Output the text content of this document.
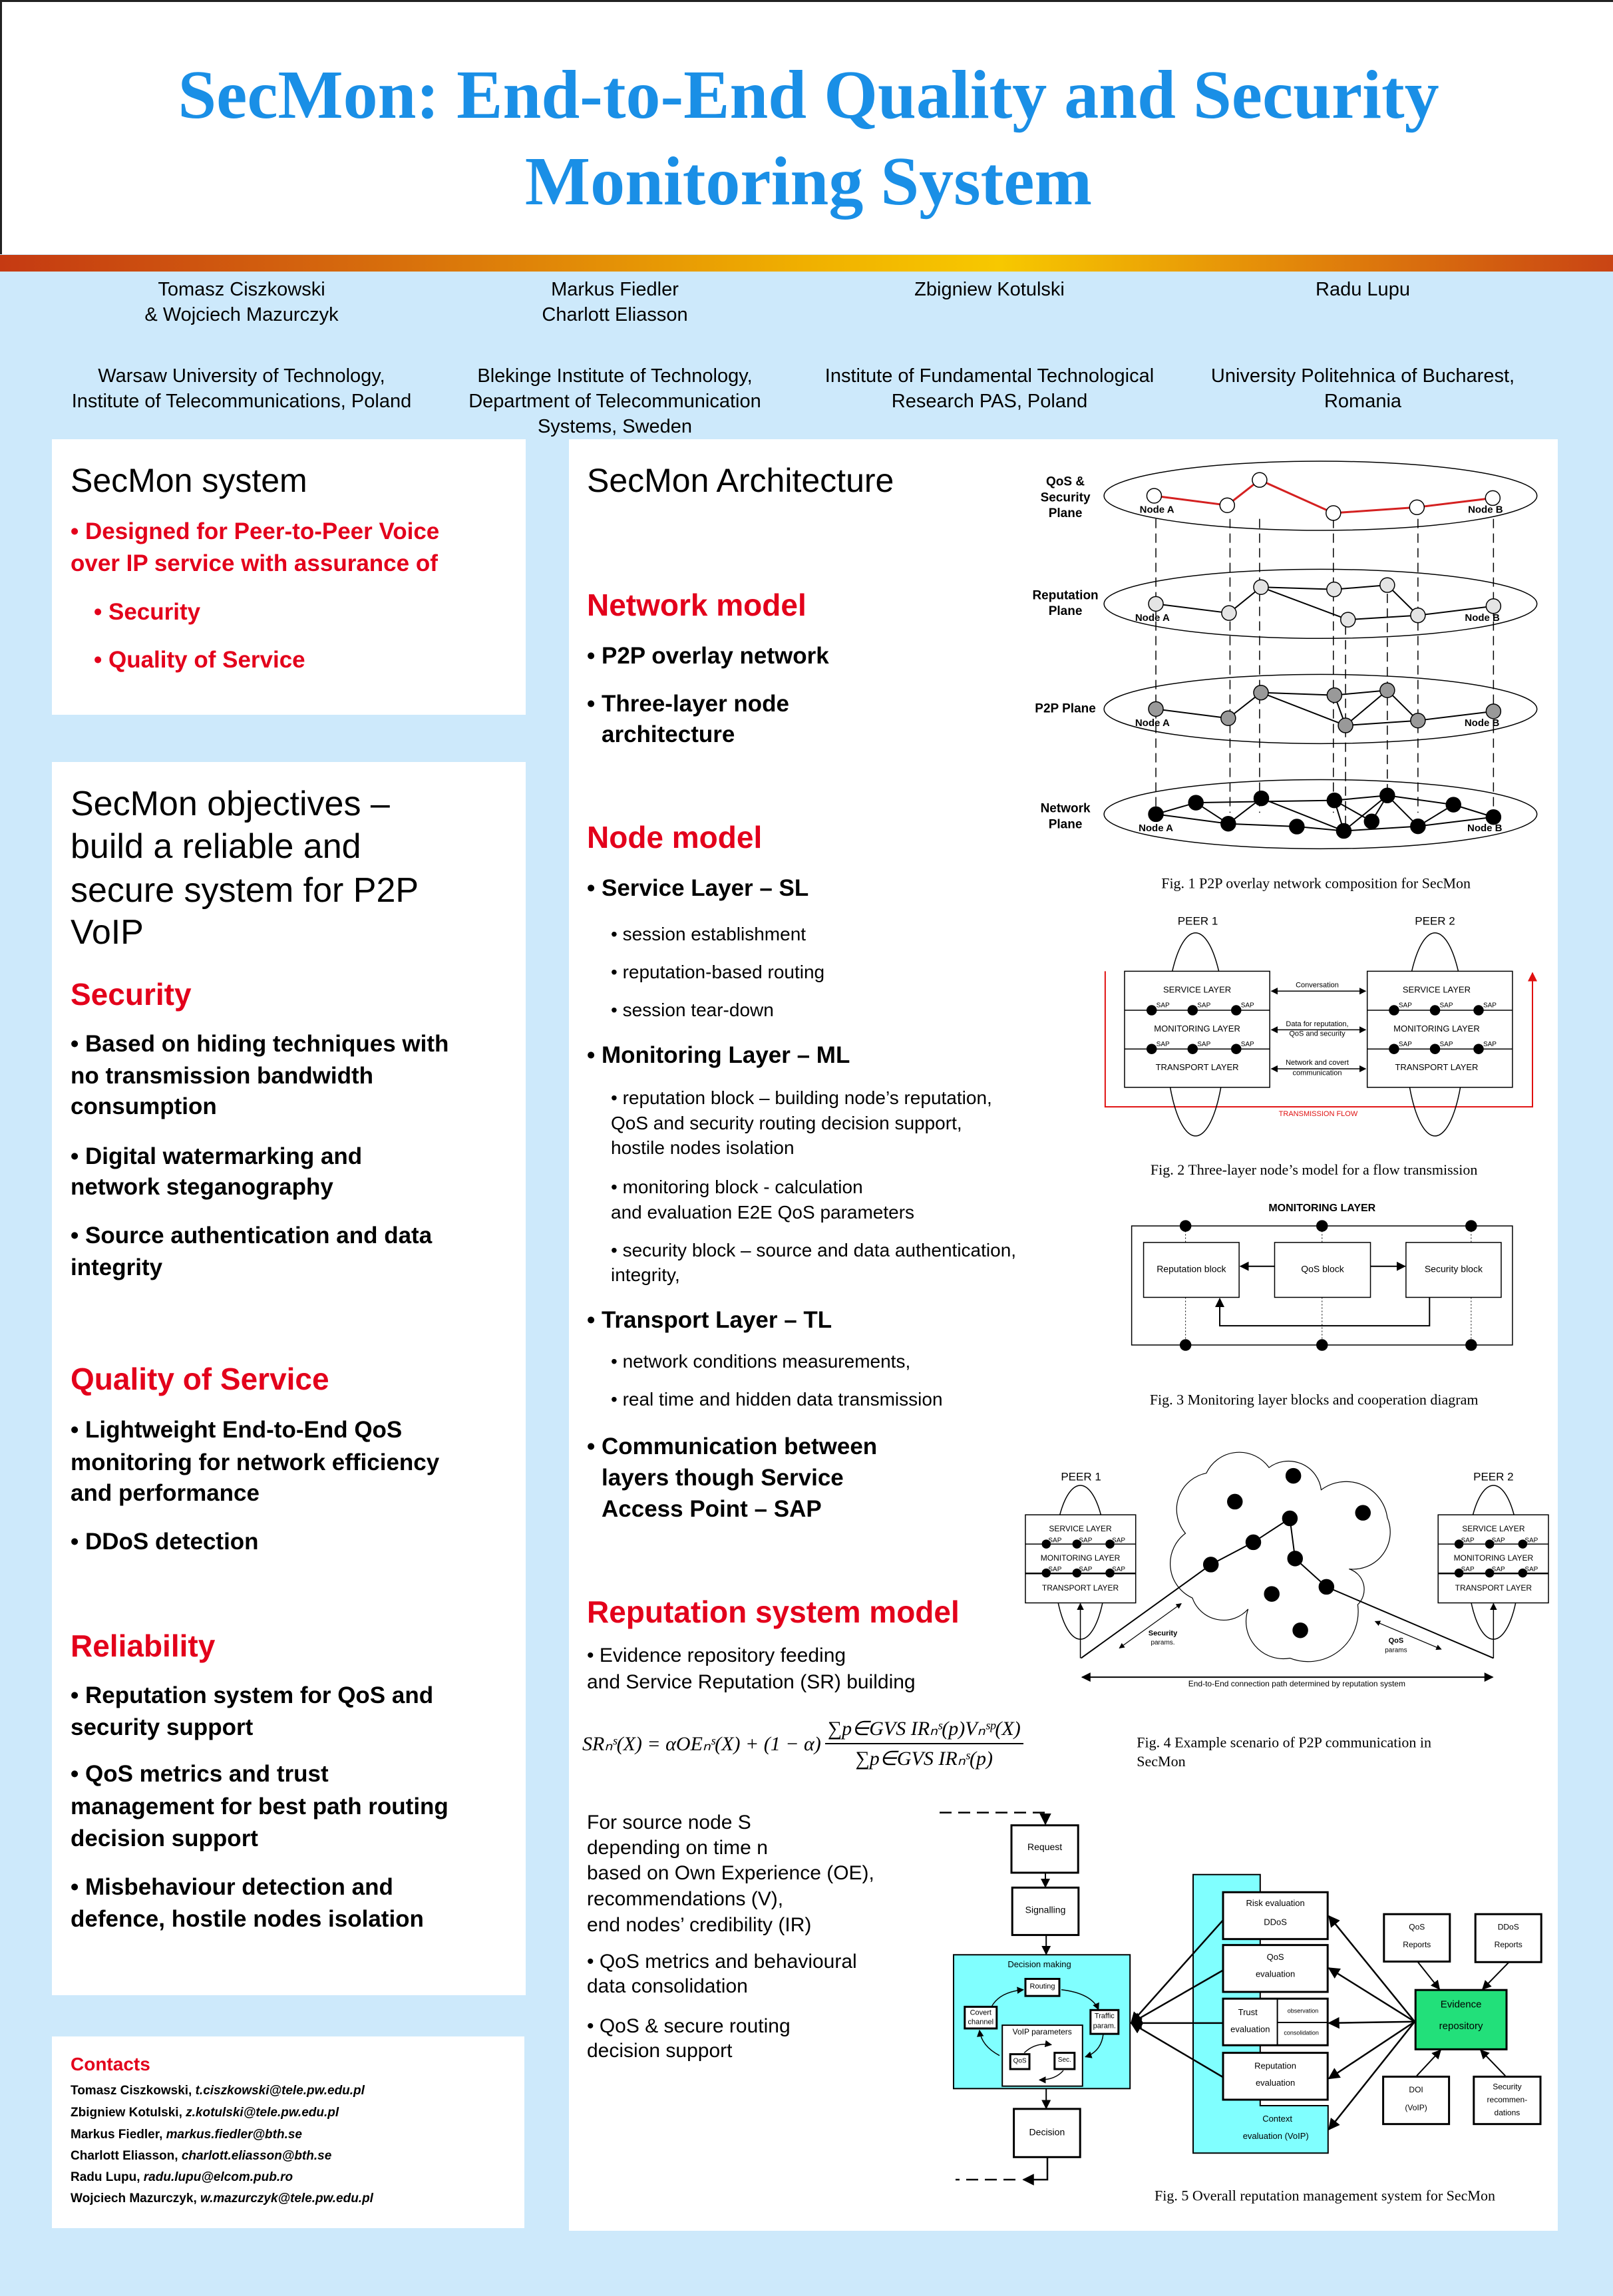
SecMon: End-to-End Quality and Security
Monitoring System
SecMon system
• Designed for Peer-to-Peer Voice
over IP service with assurance of
• Security
• Quality of Service
SecMon objectives –
build a reliable and
secure system for P2P
VoIP
Security
• Based on hiding techniques with
no transmission bandwidth
consumption
• Digital watermarking and
network steganography
• Source authentication and data
integrity
Quality of Service
• Lightweight End-to-End QoS
monitoring for network efficiency
and performance
• DDoS detection
Reliability
• Reputation system for QoS and
security support
• QoS metrics and trust
management for best path routing
decision support
• Misbehaviour detection and
defence, hostile nodes isolation
Contacts
Tomasz Ciszkowski, t.ciszkowski@tele.pw.edu.pl
Zbigniew Kotulski, z.kotulski@tele.pw.edu.pl
Markus Fiedler, markus.fiedler@bth.se
Charlott Eliasson, charlott.eliasson@bth.se
Radu Lupu, radu.lupu@elcom.pub.ro
Wojciech Mazurczyk, w.mazurczyk@tele.pw.edu.pl
SecMon Architecture
Network model
• P2P overlay network
• Three-layer node
architecture
Node model
• Service Layer – SL
• session establishment
• reputation-based routing
• session tear-down
• Monitoring Layer – ML
• reputation block – building node’s reputation,
QoS and security routing decision support,
hostile nodes isolation
• monitoring block - calculation
and evaluation E2E QoS parameters
• security block – source and data authentication,
integrity,
• Transport Layer – TL
• network conditions measurements,
• real time and hidden data transmission
• Communication between
layers though Service
Access Point – SAP
Reputation system model
• Evidence repository feeding
and Service Reputation (SR) building
For source node S
depending on time n
based on Own Experience (OE),
recommendations (V),
end nodes’ credibility (IR)
• QoS metrics and behavioural
data consolidation
• QoS & secure routing
decision support
SRₙˢ(X) = αOEₙˢ(X) + $(1 - \alpha) \frac{\text{∑p∈GVS IRₙˢ(p)Vₙˢᵖ(X)}}{\text{∑p∈GVS IRₙˢ(p)}}$
QoS &
Security
Plane
Reputation
Plane
P2P Plane
Network
Plane
Node A
Node A
Node A
Node A
Node B
Node B
Node B
Node B
Fig. 1 P2P overlay network composition for SecMon
SERVICE LAYER
MONITORING LAYER
TRANSPORT LAYER
SAP	SAP	SAP
SAP	SAP	SAP
SERVICE LAYER
MONITORING LAYER
TRANSPORT LAYER
SAP	SAP	SAP
SAP	SAP	SAP
PEER 1	PEER 2
Conversation
Data for reputation,
QoS and security
Network and covert
communication
TRANSMISSION FLOW
Fig. 2 Three-layer node’s model for a flow transmission
MONITORING LAYER
Reputation block	QoS block	Security block
Fig. 3 Monitoring layer blocks and cooperation diagram
SERVICE LAYER
MONITORING LAYER
TRANSPORT LAYER
SAP	SAP	SAP
SAP	SAP	SAP
PEER 1
SERVICE LAYER
MONITORING LAYER
TRANSPORT LAYER
SAP	SAP	SAP
SAP	SAP	SAP
PEER 2
Security
params.	QoS
params
End-to-End connection path determined by reputation system
Fig. 4 Example scenario of P2P communication in
SecMon
Request
Signalling
Decision making
Routing
Covert
channel
Traffic
param.
VoIP parameters
QoS	Sec.
Decision
Context
evaluation (VoIP)
Risk evaluation
DDoS
QoS
evaluation
Trust
evaluation
observation
consolidation
Reputation
evaluation
Evidence
repository
QoS
Reports
DDoS
Reports
DOI
(VoIP)
Security
recommen-
dations
Fig. 5 Overall reputation management system for SecMon
Tomasz Ciszkowski
& Wojciech Mazurczyk
Warsaw University of Technology,
Institute of Telecommunications, Poland
Markus Fiedler
Charlott Eliasson
Blekinge Institute of Technology,
Department of Telecommunication
Systems, Sweden
Zbigniew Kotulski
Institute of Fundamental Technological
Research PAS, Poland
Radu Lupu
University Politehnica of Bucharest,
Romania
